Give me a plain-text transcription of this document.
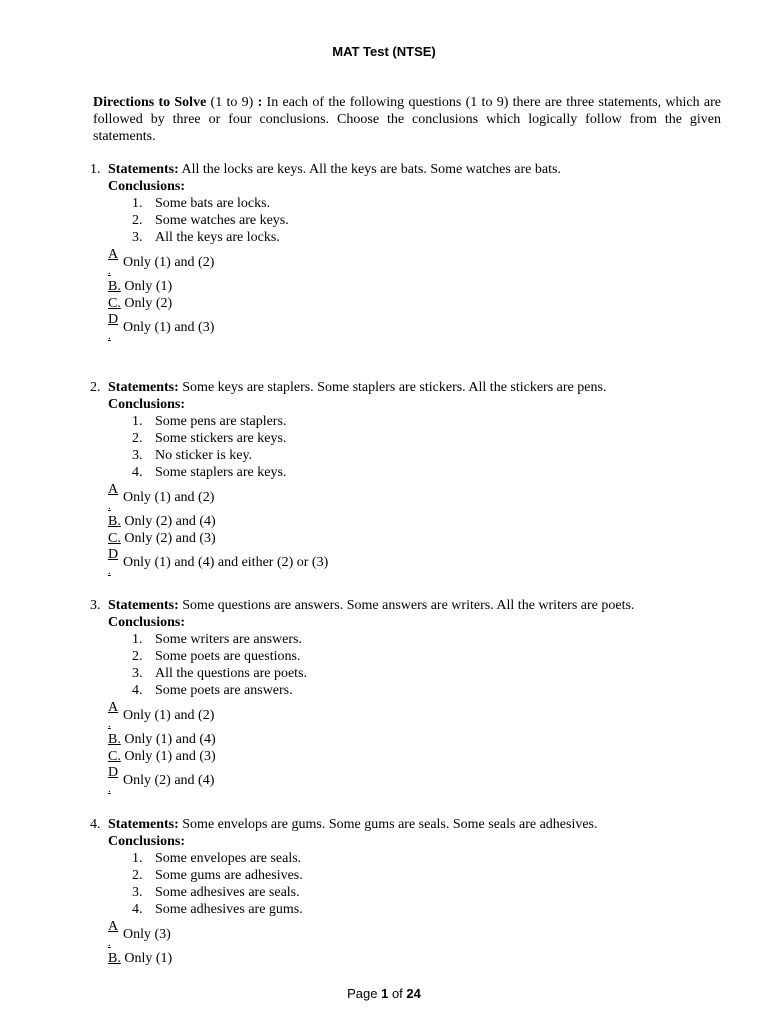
MAT Test (NTSE)
Directions to Solve (1 to 9) : In each of the following questions (1 to 9) there are three statements, which are followed by three or four conclusions. Choose the conclusions which logically follow from the given statements.
1. Statements: All the locks are keys. All the keys are bats. Some watches are bats.
Conclusions:
1. Some bats are locks.
2. Some watches are keys.
3. All the keys are locks.
A
.
Only (1) and (2)
B. Only (1)
C. Only (2)
D
.
Only (1) and (3)
2. Statements: Some keys are staplers. Some staplers are stickers. All the stickers are pens.
Conclusions:
1. Some pens are staplers.
2. Some stickers are keys.
3. No sticker is key.
4. Some staplers are keys.
A
.
Only (1) and (2)
B. Only (2) and (4)
C. Only (2) and (3)
D
.
Only (1) and (4) and either (2) or (3)
3. Statements: Some questions are answers. Some answers are writers. All the writers are poets.
Conclusions:
1. Some writers are answers.
2. Some poets are questions.
3. All the questions are poets.
4. Some poets are answers.
A
.
Only (1) and (2)
B. Only (1) and (4)
C. Only (1) and (3)
D
.
Only (2) and (4)
4. Statements: Some envelops are gums. Some gums are seals. Some seals are adhesives.
Conclusions:
1. Some envelopes are seals.
2. Some gums are adhesives.
3. Some adhesives are seals.
4. Some adhesives are gums.
A
.
Only (3)
B. Only (1)
Page 1 of 24
